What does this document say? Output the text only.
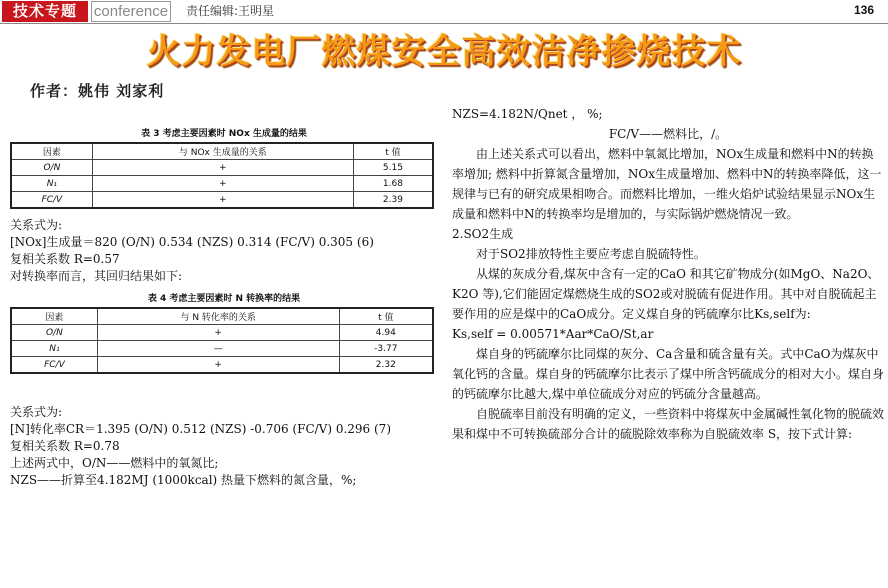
技术专题	conference 责任编辑:王明星	136
火力发电厂燃煤安全高效洁净掺烧技术
作者：姚伟 刘家利
表 3 考虑主要因素时 NOx 生成量的结果
因素	与 NOx 生成量的关系	t 值
O/N	+	5.15
N₁	+	1.68
FC/V	+	2.39

关系式为:

[NOx]生成量＝820 (O/N) 0.534 (NZS) 0.314 (FC/V) 0.305 (6)

复相关系数 R=0.57

对转换率而言，其回归结果如下:

表 4 考虑主要因素时 N 转换率的结果
因素	与 N 转化率的关系	t 值
O/N	+	4.94
N₁	—	-3.77
FC/V	+	2.32

关系式为:

[N]转化率CR＝1.395 (O/N) 0.512 (NZS) -0.706 (FC/V) 0.296 (7)

复相关系数 R=0.78

上述两式中，O/N——燃料中的氧氮比;

NZS——折算至4.182MJ (1000kcal) 热量下燃料的氮含量，%;

NZS=4.182N/Qnet ， %;

FC/V——燃料比，/。

由上述关系式可以看出，燃料中氧氮比增加，NOx生成量和燃料中N的转换率增加; 燃料中折算氮含量增加，NOx生成量增加、燃料中N的转换率降低，这一规律与已有的研究成果相吻合。而燃料比增加，一维火焰炉试验结果显示NOx生成量和燃料中N的转换率均是增加的，与实际锅炉燃烧情况一致。

2.SO2生成

对于SO2排放特性主要应考虑自脱硫特性。

从煤的灰成分看,煤灰中含有一定的CaO 和其它矿物成分(如MgO、Na2O、K2O 等),它们能固定煤燃烧生成的SO2或对脱硫有促进作用。其中对自脱硫起主要作用的应是煤中的CaO成分。定义煤自身的钙硫摩尔比Ks,self为:

Ks,self = 0.00571*Aar*CaO/St,ar

煤自身的钙硫摩尔比同煤的灰分、Ca含量和硫含量有关。式中CaO为煤灰中氧化钙的含量。煤自身的钙硫摩尔比表示了煤中所含钙硫成分的相对大小。煤自身的钙硫摩尔比越大,煤中单位硫成分对应的钙硫分含量越高。

自脱硫率目前没有明确的定义，一些资料中将煤灰中金属碱性氧化物的脱硫效果和煤中不可转换硫部分合计的硫脱除效率称为自脱硫效率 S，按下式计算:
